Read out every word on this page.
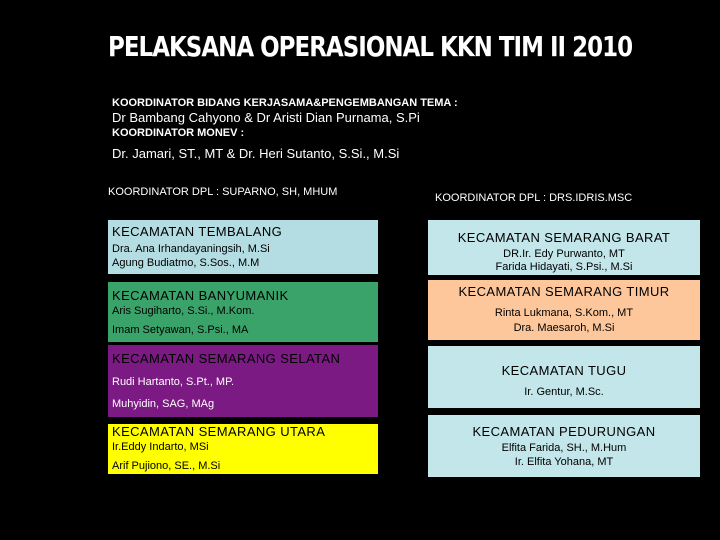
PELAKSANA OPERASIONAL KKN TIM II 2010
KOORDINATOR BIDANG KERJASAMA&PENGEMBANGAN TEMA :
Dr Bambang Cahyono & Dr Aristi Dian Purnama, S.Pi
KOORDINATOR MONEV :
Dr. Jamari, ST., MT & Dr. Heri Sutanto, S.Si., M.Si
KOORDINATOR DPL : SUPARNO, SH, MHUM	KOORDINATOR DPL : DRS.IDRIS.MSC
KECAMATAN TEMBALANG
Dra. Ana Irhandayaningsih, M.Si
Agung Budiatmo, S.Sos., M.M
KECAMATAN BANYUMANIK
Aris Sugiharto, S.Si., M.Kom.
Imam Setyawan, S.Psi., MA
KECAMATAN SEMARANG SELATAN
Rudi Hartanto, S.Pt., MP.
Muhyidin, SAG, MAg
KECAMATAN SEMARANG UTARA
Ir.Eddy Indarto, MSi
Arif Pujiono, SE., M.Si
KECAMATAN SEMARANG BARAT
DR.Ir. Edy Purwanto, MT
Farida Hidayati, S.Psi., M.Si
KECAMATAN SEMARANG TIMUR
Rinta Lukmana, S.Kom., MT
Dra. Maesaroh, M.Si
KECAMATAN TUGU
Ir. Gentur, M.Sc.
KECAMATAN PEDURUNGAN
Elfita Farida, SH., M.Hum
Ir. Elfita Yohana, MT
